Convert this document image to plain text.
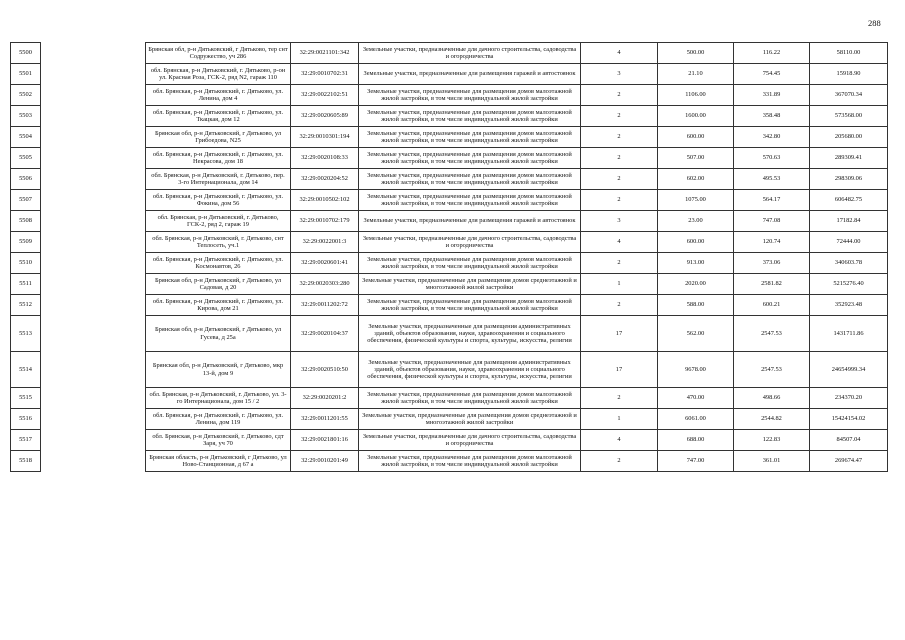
288
5500		Брянская обл, р-н Дятьковский, г Дятьково, тер снт Содружество, уч 286	32:29:0021101:342	Земельные участки, предназначенные для дачного строительства, садоводства и огородничества	4	500.00	116.22	58110.00
5501		обл. Брянская, р-н Дятьковский, г. Дятьково, р-он ул. Красная Роза, ГСК-2, ряд N2, гараж 110	32:29:0010702:31	Земельные участки, предназначенные для размещения гаражей и автостоянок	3	21.10	754.45	15918.90
5502		обл. Брянская, р-н Дятьковский, г. Дятьково, ул. Ленина, дом 4	32:29:0022102:51	Земельные участки, предназначенные для размещения домов малоэтажной жилой застройки, в том числе индивидуальной жилой застройки	2	1106.00	331.89	367070.34
5503		обл. Брянская, р-н Дятьковский, г. Дятьково, ул. Ткацкая, дом 12	32:29:0020605:89	Земельные участки, предназначенные для размещения домов малоэтажной жилой застройки, в том числе индивидуальной жилой застройки	2	1600.00	358.48	573568.00
5504		Брянская обл, р-н Дятьковский, г Дятьково, ул Грибоедова, N25	32:29:0010301:194	Земельные участки, предназначенные для размещения домов малоэтажной жилой застройки, в том числе индивидуальной жилой застройки	2	600.00	342.80	205680.00
5505		обл. Брянская, р-н Дятьковский, г. Дятьково, ул. Некрасова, дом 18	32:29:0020108:33	Земельные участки, предназначенные для размещения домов малоэтажной жилой застройки, в том числе индивидуальной жилой застройки	2	507.00	570.63	289309.41
5506		обл. Брянская, р-н Дятьковский, г. Дятьково, пер. 3-го Интернационала, дом 14	32:29:0020204:52	Земельные участки, предназначенные для размещения домов малоэтажной жилой застройки, в том числе индивидуальной жилой застройки	2	602.00	495.53	298309.06
5507		обл. Брянская, р-н Дятьковский, г. Дятьково, ул. Фокина, дом 56	32:29:0010502:102	Земельные участки, предназначенные для размещения домов малоэтажной жилой застройки, в том числе индивидуальной жилой застройки	2	1075.00	564.17	606482.75
5508		обл. Брянская, р-н Дятьковский, г. Дятьково, ГСК-2, ряд 2, гараж 19	32:29:0010702:179	Земельные участки, предназначенные для размещения гаражей и автостоянок	3	23.00	747.08	17182.84
5509		обл. Брянская, р-н Дятьковский, г. Дятьково, снт Теплосеть, уч.1	32:29:0022001:3	Земельные участки, предназначенные для дачного строительства, садоводства и огородничества	4	600.00	120.74	72444.00
5510		обл. Брянская, р-н Дятьковский, г. Дятьково, ул. Космонавтов, 26	32:29:0020601:41	Земельные участки, предназначенные для размещения домов малоэтажной жилой застройки, в том числе индивидуальной жилой застройки	2	913.00	373.06	340603.78
5511		Брянская обл, р-н Дятьковский, г Дятьково, ул Садовая, д 20	32:29:0020303:280	Земельные участки, предназначенные для размещения домов среднеэтажной и многоэтажной жилой застройки	1	2020.00	2581.82	5215276.40
5512		обл. Брянская, р-н Дятьковский, г. Дятьково, ул. Кирова, дом 21	32:29:0011202:72	Земельные участки, предназначенные для размещения домов малоэтажной жилой застройки, в том числе индивидуальной жилой застройки	2	588.00	600.21	352923.48
5513		Брянская обл, р-н Дятьковский, г Дятьково, ул Гусева, д 25а	32:29:0020104:37	Земельные участки, предназначенные для размещения административных зданий, объектов образования, науки, здравоохранения и социального обеспечения, физической культуры и спорта, культуры, искусства, религии	17	562.00	2547.53	1431711.86
5514		Брянская обл, р-н Дятьковский, г Дятьково, мкр 13-й, дом 9	32:29:0020510:50	Земельные участки, предназначенные для размещения административных зданий, объектов образования, науки, здравоохранения и социального обеспечения, физической культуры и спорта, культуры, искусства, религии	17	9678.00	2547.53	24654999.34
5515		обл. Брянская, р-н Дятьковский, г. Дятьково, ул. 3-го Интернационала, дом 15 / 2	32:29:0020201:2	Земельные участки, предназначенные для размещения домов малоэтажной жилой застройки, в том числе индивидуальной жилой застройки	2	470.00	498.66	234370.20
5516		обл. Брянская, р-н Дятьковский, г. Дятьково, ул. Ленина, дом 119	32:29:0011201:55	Земельные участки, предназначенные для размещения домов среднеэтажной и многоэтажной жилой застройки	1	6061.00	2544.82	15424154.02
5517		обл. Брянская, р-н Дятьковский, г. Дятьково, сдт Заря, уч 70	32:29:0021801:16	Земельные участки, предназначенные для дачного строительства, садоводства и огородничества	4	688.00	122.83	84507.04
5518		Брянская область, р-н Дятьковский, г Дятьково, ул Ново-Станционная, д 67 а	32:29:0010201:49	Земельные участки, предназначенные для размещения домов малоэтажной жилой застройки, в том числе индивидуальной жилой застройки	2	747.00	361.01	269674.47
